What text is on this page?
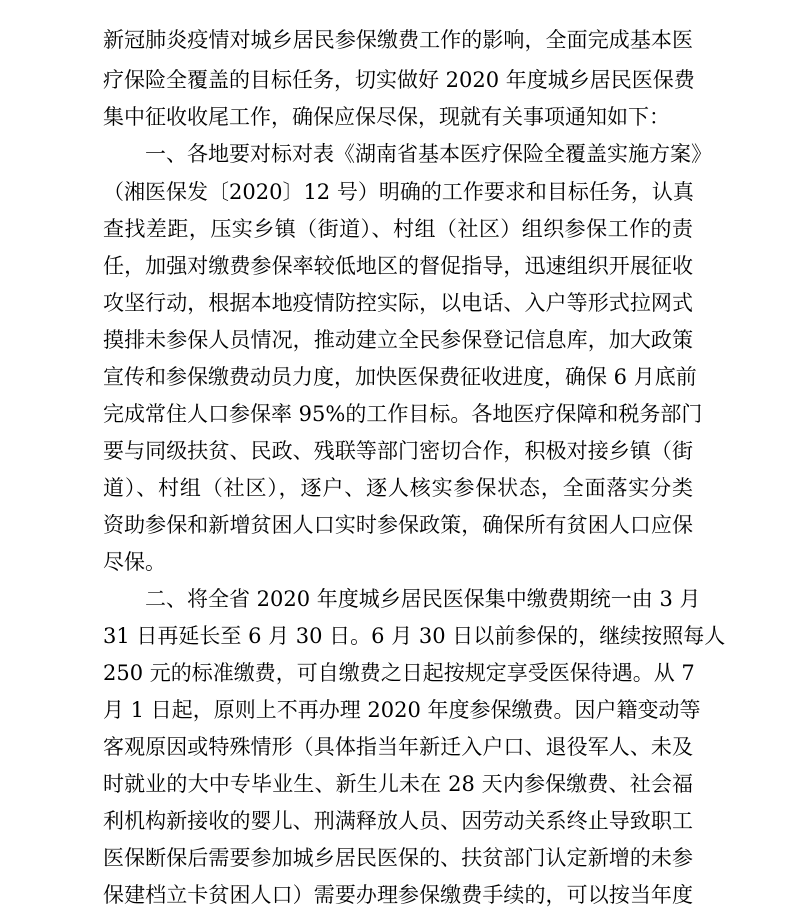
新冠肺炎疫情对城乡居民参保缴费工作的影响，全面完成基本医
疗保险全覆盖的目标任务，切实做好 2020 年度城乡居民医保费
集中征收收尾工作，确保应保尽保，现就有关事项通知如下：
　　一、各地要对标对表《湖南省基本医疗保险全覆盖实施方案》
（湘医保发〔2020〕12 号）明确的工作要求和目标任务，认真
查找差距，压实乡镇（街道）、村组（社区）组织参保工作的责
任，加强对缴费参保率较低地区的督促指导，迅速组织开展征收
攻坚行动，根据本地疫情防控实际，以电话、入户等形式拉网式
摸排未参保人员情况，推动建立全民参保登记信息库，加大政策
宣传和参保缴费动员力度，加快医保费征收进度，确保 6 月底前
完成常住人口参保率 95%的工作目标。各地医疗保障和税务部门
要与同级扶贫、民政、残联等部门密切合作，积极对接乡镇（街
道）、村组（社区），逐户、逐人核实参保状态，全面落实分类
资助参保和新增贫困人口实时参保政策，确保所有贫困人口应保
尽保。
　　二、将全省 2020 年度城乡居民医保集中缴费期统一由 3 月
31 日再延长至 6 月 30 日。6 月 30 日以前参保的，继续按照每人
250 元的标准缴费，可自缴费之日起按规定享受医保待遇。从 7
月 1 日起，原则上不再办理 2020 年度参保缴费。因户籍变动等
客观原因或特殊情形（具体指当年新迁入户口、退役军人、未及
时就业的大中专毕业生、新生儿未在 28 天内参保缴费、社会福
利机构新接收的婴儿、刑满释放人员、因劳动关系终止导致职工
医保断保后需要参加城乡居民医保的、扶贫部门认定新增的未参
保建档立卡贫困人口）需要办理参保缴费手续的，可以按当年度
